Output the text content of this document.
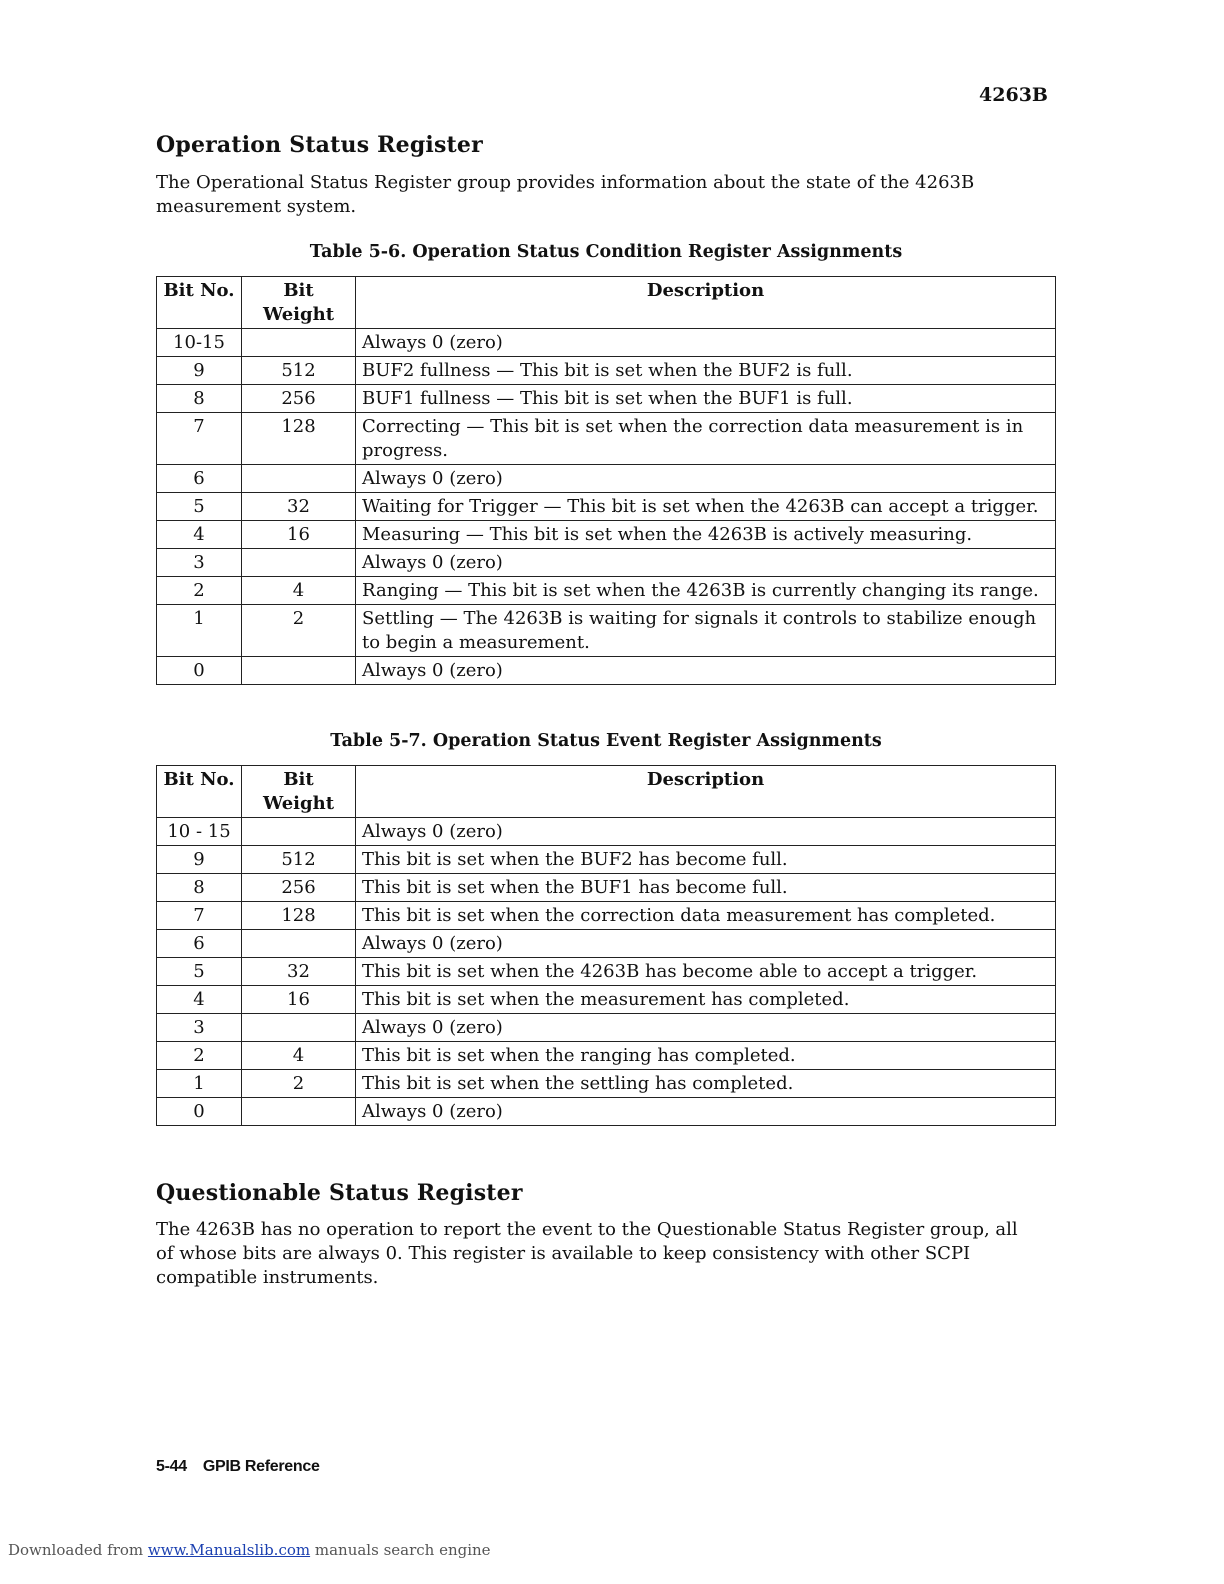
4263B
Operation Status Register

The Operational Status Register group provides information about the state of the 4263B measurement system.

Table 5-6. Operation Status Condition Register Assignments
Bit No.	Bit Weight	Description
10-15		Always 0 (zero)
9	512	BUF2 fullness — This bit is set when the BUF2 is full.
8	256	BUF1 fullness — This bit is set when the BUF1 is full.
7	128	Correcting — This bit is set when the correction data measurement is in progress.
6		Always 0 (zero)
5	32	Waiting for Trigger — This bit is set when the 4263B can accept a trigger.
4	16	Measuring — This bit is set when the 4263B is actively measuring.
3		Always 0 (zero)
2	4	Ranging — This bit is set when the 4263B is currently changing its range.
1	2	Settling — The 4263B is waiting for signals it controls to stabilize enough to begin a measurement.
0		Always 0 (zero)
Table 5-7. Operation Status Event Register Assignments
Bit No.	Bit Weight	Description
10 - 15		Always 0 (zero)
9	512	This bit is set when the BUF2 has become full.
8	256	This bit is set when the BUF1 has become full.
7	128	This bit is set when the correction data measurement has completed.
6		Always 0 (zero)
5	32	This bit is set when the 4263B has become able to accept a trigger.
4	16	This bit is set when the measurement has completed.
3		Always 0 (zero)
2	4	This bit is set when the ranging has completed.
1	2	This bit is set when the settling has completed.
0		Always 0 (zero)
Questionable Status Register

The 4263B has no operation to report the event to the Questionable Status Register group, all of whose bits are always 0. This register is available to keep consistency with other SCPI compatible instruments.

5-44 GPIB Reference
Downloaded from www.Manualslib.com manuals search engine
